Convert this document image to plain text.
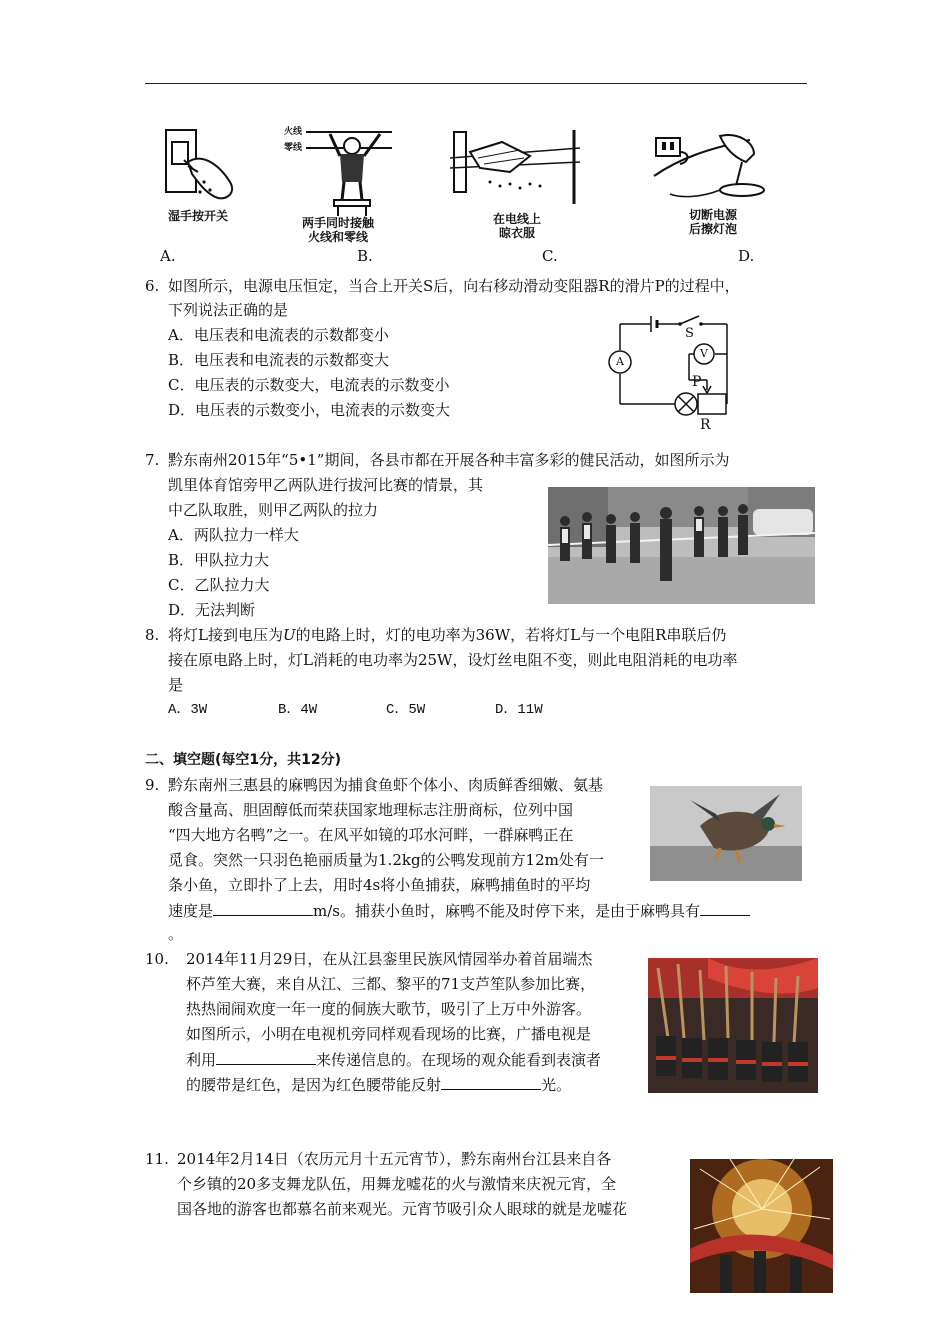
湿手按开关
A.
火线
零线
两手同时接触
火线和零线
B.
在电线上
晾衣服
C.
切断电源
后擦灯泡
D.
6. 如图所示，电源电压恒定，当合上开关S后，向右移动滑动变阻器R的滑片P的过程中，
下列说法正确的是
A．电压表和电流表的示数都变小
B．电压表和电流表的示数都变大
C．电压表的示数变大，电流表的示数变小
D．电压表的示数变小，电流表的示数变大
S
V
A
P
R
7. 黔东南州2015年“5•1”期间，各县市都在开展各种丰富多彩的健民活动，如图所示为
凯里体育馆旁甲乙两队进行拔河比赛的情景，其
中乙队取胜，则甲乙两队的拉力
A．两队拉力一样大
B．甲队拉力大
C．乙队拉力大
D．无法判断
8. 将灯L接到电压为U的电路上时，灯的电功率为36W，若将灯L与一个电阻R串联后仍
接在原电路上时，灯L消耗的电功率为25W，设灯丝电阻不变，则此电阻消耗的电功率
是
A．3W	B．4W	C．5W	D．11W
二、填空题(每空1分，共12分)
9. 黔东南州三惠县的麻鸭因为捕食鱼虾个体小、肉质鲜香细嫩、氨基
酸含量高、胆固醇低而荣获国家地理标志注册商标，位列中国
“四大地方名鸭”之一。在风平如镜的邛水河畔，一群麻鸭正在
觅食。突然一只羽色艳丽质量为1.2kg的公鸭发现前方12m处有一
条小鱼，立即扑了上去，用时4s将小鱼捕获，麻鸭捕鱼时的平均
速度是	m/s。捕获小鱼时，麻鸭不能及时停下来，是由于麻鸭具有
。
10. 2014年11月29日，在从江县銮里民族风情园举办着首届端杰
杯芦笙大赛，来自从江、三都、黎平的71支芦笙队参加比赛，
热热闹闹欢度一年一度的侗族大歌节，吸引了上万中外游客。
如图所示，小明在电视机旁同样观看现场的比赛，广播电视是
利用	来传递信息的。在现场的观众能看到表演者
的腰带是红色，是因为红色腰带能反射	光。
11. 2014年2月14日（农历元月十五元宵节），黔东南州台江县来自各
个乡镇的20多支舞龙队伍，用舞龙嘘花的火与激情来庆祝元宵，全
国各地的游客也都慕名前来观光。元宵节吸引众人眼球的就是龙嘘花
